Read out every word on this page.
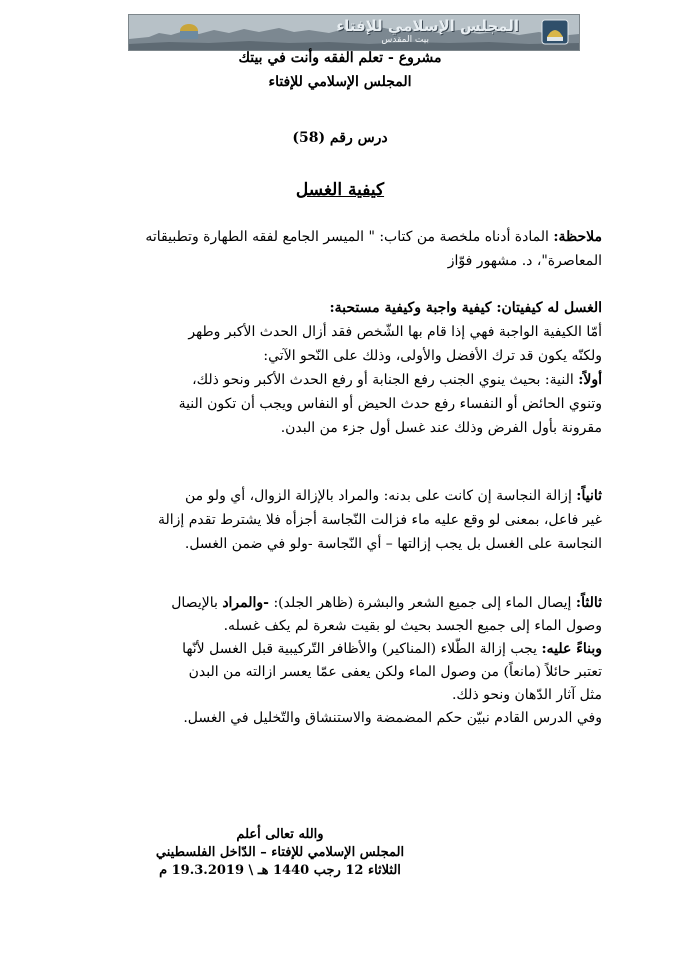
المجلس الإسلامي للإفتاء
بيت المقدس
مشروع - تعلم الفقه وأنت في بيتك
المجلس الإسلامي للإفتاء
درس رقم (58)
كيفية الغسل
ملاحظة: المادة أدناه ملخصة من كتاب: " الميسر الجامع لفقه الطهارة وتطبيقاته
المعاصرة"، د. مشهور فوّاز
الغسل له كيفيتان: كيفية واجبة وكيفية مستحبة:
أمّا الكيفية الواجبة فهي إذا قام بها الشّخص فقد أزال الحدث الأكبر وطهر
ولكنّه يكون قد ترك الأفضل والأولى، وذلك على النّحو الآتي:
أولاً: النية: بحيث ينوي الجنب رفع الجنابة أو رفع الحدث الأكبر ونحو ذلك،
وتنوي الحائض أو النفساء رفع حدث الحيض أو النفاس ويجب أن تكون النية
مقرونة بأول الفرض وذلك عند غسل أول جزء من البدن.
ثانياً: إزالة النجاسة إن كانت على بدنه: والمراد بالإزالة الزوال، أي ولو من
غير فاعل، بمعنى لو وقع عليه ماء فزالت النّجاسة أجزأه فلا يشترط تقدم إزالة
النجاسة على الغسل بل يجب إزالتها – أي النّجاسة -ولو في ضمن الغسل.
ثالثاً: إيصال الماء إلى جميع الشعر والبشرة (ظاهر الجلد): -والمراد بالإيصال
وصول الماء إلى جميع الجسد بحيث لو بقيت شعرة لم يكف غسله.
وبناءً عليه: يجب إزالة الطّلاء (المناكير) والأظافر التّركيبية قبل الغسل لأنّها
تعتبر حائلاً (مانعاً) من وصول الماء ولكن يعفى عمّا يعسر ازالته من البدن
مثل آثار الدّهان ونحو ذلك.
وفي الدرس القادم نبيّن حكم المضمضة والاستنشاق والتّخليل في الغسل.
والله تعالى أعلم
المجلس الإسلامي للإفتاء – الدّاخل الفلسطيني
الثلاثاء 12 رجب 1440 هـ \ 19.3.2019 م
